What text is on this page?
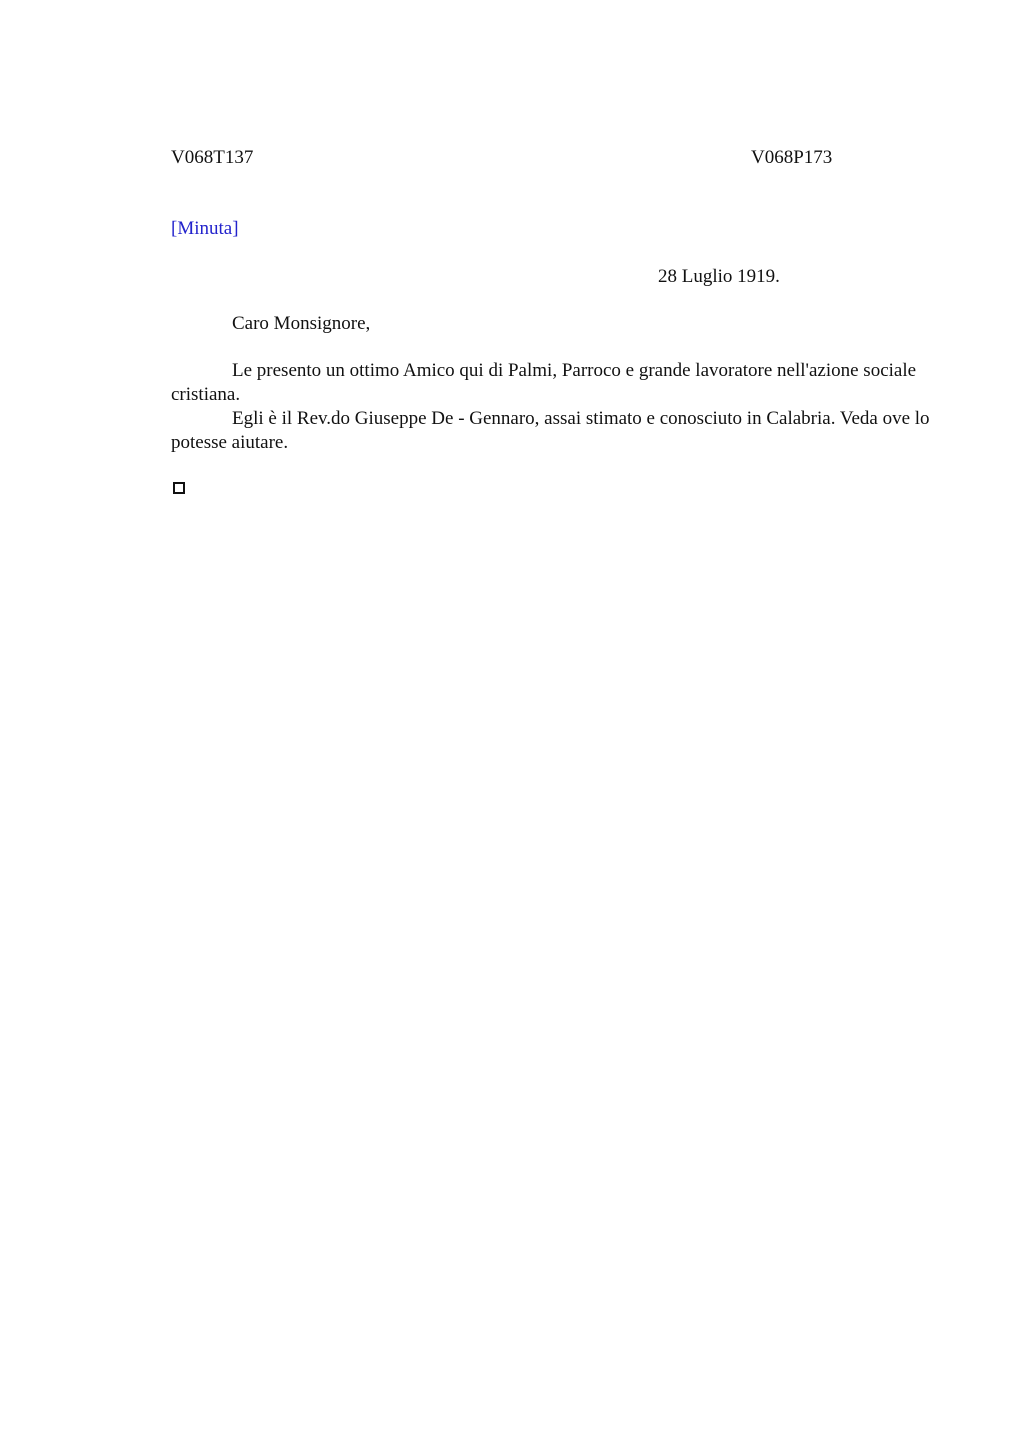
V068T137	V068P173
[Minuta]
28 Luglio 1919.
Caro Monsignore,

Le presento un ottimo Amico qui di Palmi, Parroco e grande lavoratore nell'azione sociale cristiana.

Egli è il Rev.do Giuseppe De - Gennaro, assai stimato e conosciuto in Calabria. Veda ove lo potesse aiutare.
